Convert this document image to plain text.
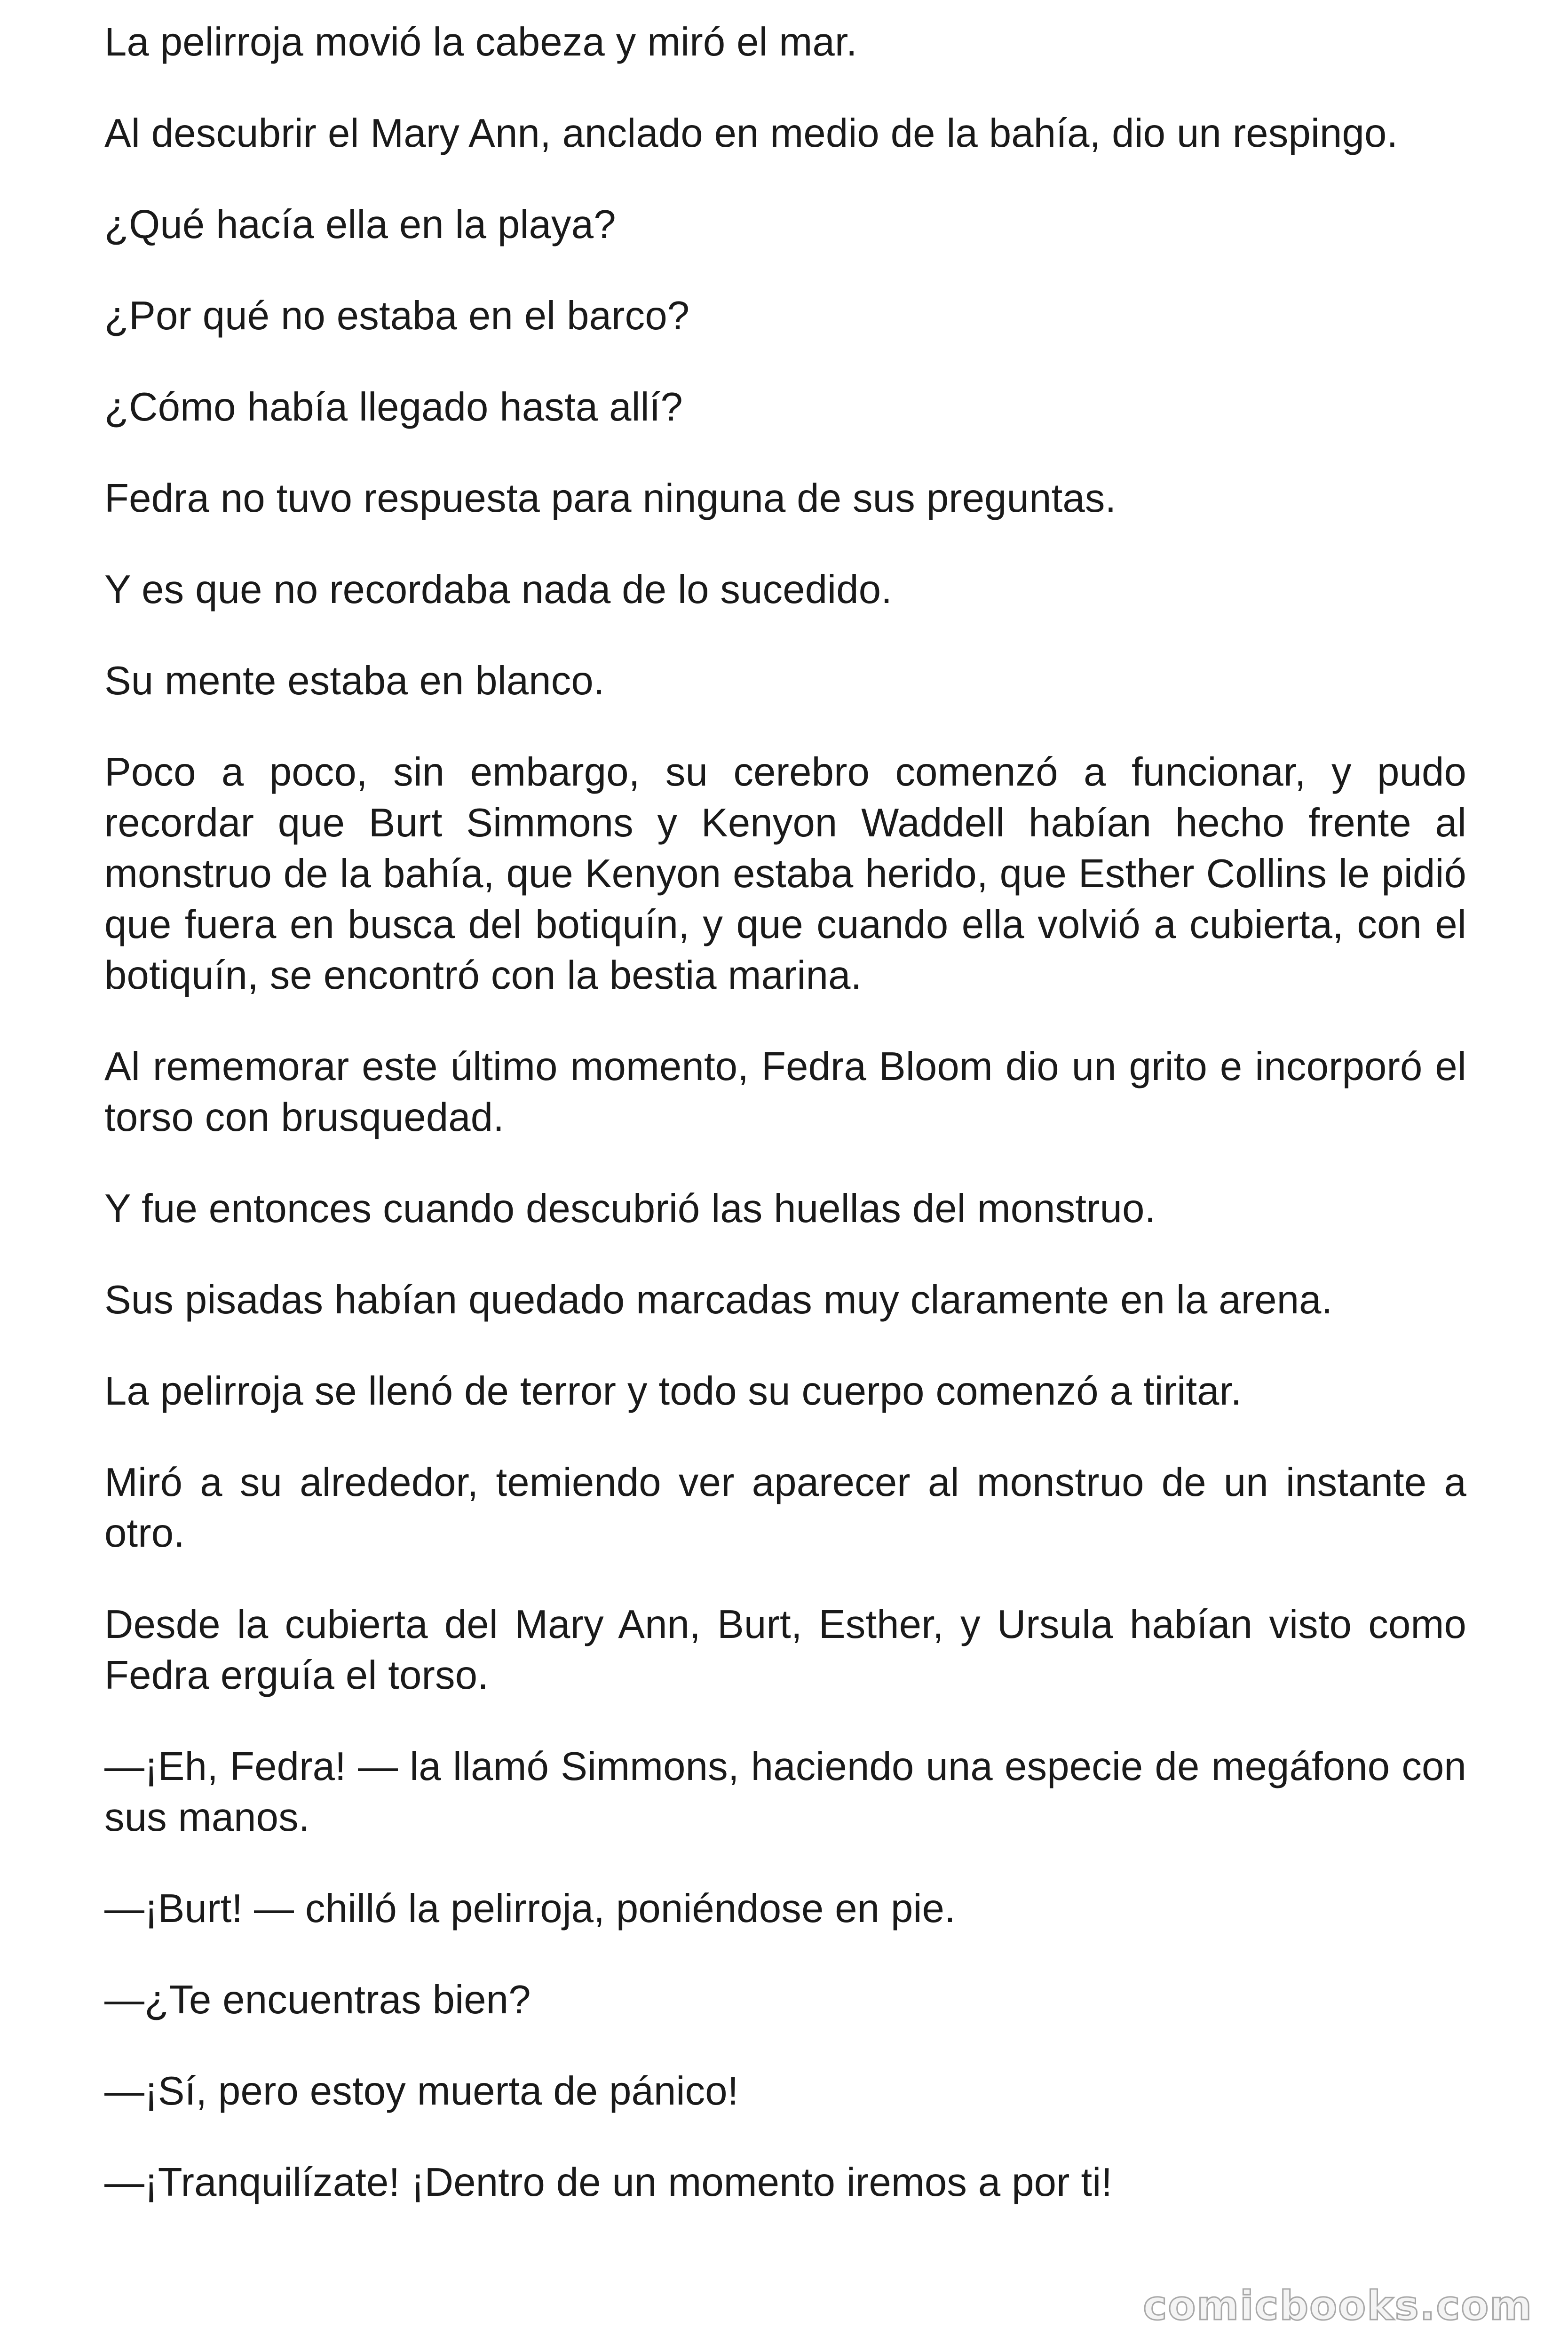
La pelirroja movió la cabeza y miró el mar.

Al descubrir el Mary Ann, anclado en medio de la bahía, dio un respingo.

¿Qué hacía ella en la playa?

¿Por qué no estaba en el barco?

¿Cómo había llegado hasta allí?

Fedra no tuvo respuesta para ninguna de sus preguntas.

Y es que no recordaba nada de lo sucedido.

Su mente estaba en blanco.

Poco a poco, sin embargo, su cerebro comenzó a funcionar, y pudo recordar que Burt Simmons y Kenyon Waddell habían hecho frente al monstruo de la bahía, que Kenyon estaba herido, que Esther Collins le pidió que fuera en busca del botiquín, y que cuando ella volvió a cubierta, con el botiquín, se encontró con la bestia marina.

Al rememorar este último momento, Fedra Bloom dio un grito e incorporó el torso con brusquedad.

Y fue entonces cuando descubrió las huellas del monstruo.

Sus pisadas habían quedado marcadas muy claramente en la arena.

La pelirroja se llenó de terror y todo su cuerpo comenzó a tiritar.

Miró a su alrededor, temiendo ver aparecer al monstruo de un instante a otro.

Desde la cubierta del Mary Ann, Burt, Esther, y Ursula habían visto como Fedra erguía el torso.

—¡Eh, Fedra! — la llamó Simmons, haciendo una especie de megáfono con sus manos.

—¡Burt! — chilló la pelirroja, poniéndose en pie.

—¿Te encuentras bien?

—¡Sí, pero estoy muerta de pánico!

—¡Tranquilízate! ¡Dentro de un momento iremos a por ti!

comicbooks.com
